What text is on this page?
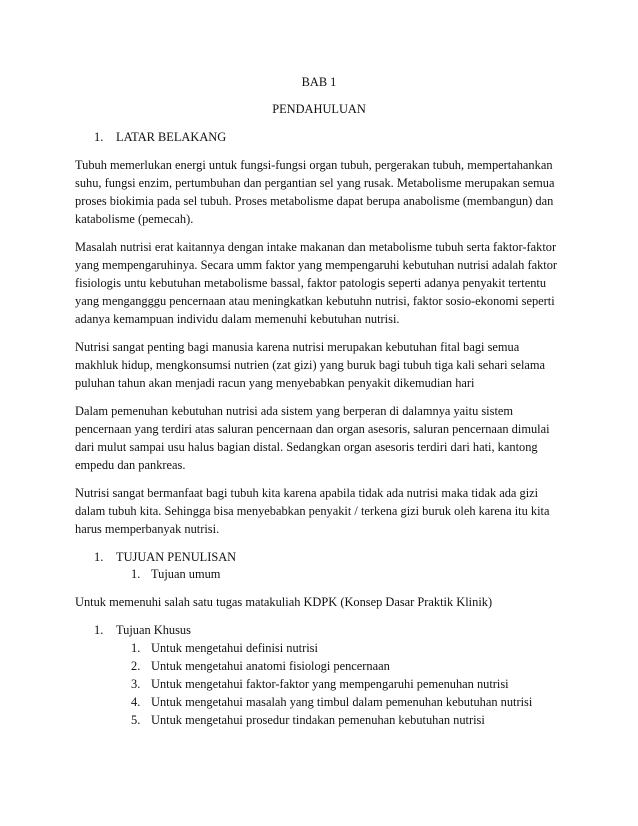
BAB 1
PENDAHULUAN
1. LATAR BELAKANG
Tubuh memerlukan energi untuk fungsi-fungsi organ tubuh, pergerakan tubuh, mempertahankan
suhu, fungsi enzim, pertumbuhan dan pergantian sel yang rusak. Metabolisme merupakan semua
proses biokimia pada sel tubuh. Proses metabolisme dapat berupa anabolisme (membangun) dan
katabolisme (pemecah).
Masalah nutrisi erat kaitannya dengan intake makanan dan metabolisme tubuh serta faktor-faktor
yang mempengaruhinya. Secara umm faktor yang mempengaruhi kebutuhan nutrisi adalah faktor
fisiologis untu kebutuhan metabolisme bassal, faktor patologis seperti adanya penyakit tertentu
yang mengangggu pencernaan atau meningkatkan kebutuhn nutrisi, faktor sosio-ekonomi seperti
adanya kemampuan individu dalam memenuhi kebutuhan nutrisi.
Nutrisi sangat penting bagi manusia karena nutrisi merupakan kebutuhan fital bagi semua
makhluk hidup, mengkonsumsi nutrien (zat gizi) yang buruk bagi tubuh tiga kali sehari selama
puluhan tahun akan menjadi racun yang menyebabkan penyakit dikemudian hari
Dalam pemenuhan kebutuhan nutrisi ada sistem yang berperan di dalamnya yaitu sistem
pencernaan yang terdiri atas saluran pencernaan dan organ asesoris, saluran pencernaan dimulai
dari mulut sampai usu halus bagian distal. Sedangkan organ asesoris terdiri dari hati, kantong
empedu dan pankreas.
Nutrisi sangat bermanfaat bagi tubuh kita karena apabila tidak ada nutrisi maka tidak ada gizi
dalam tubuh kita. Sehingga bisa menyebabkan penyakit / terkena gizi buruk oleh karena itu kita
harus memperbanyak nutrisi.
1. TUJUAN PENULISAN
1. Tujuan umum
Untuk memenuhi salah satu tugas matakuliah KDPK (Konsep Dasar Praktik Klinik)
1. Tujuan Khusus
1. Untuk mengetahui definisi nutrisi
2. Untuk mengetahui anatomi fisiologi pencernaan
3. Untuk mengetahui faktor-faktor yang mempengaruhi pemenuhan nutrisi
4. Untuk mengetahui masalah yang timbul dalam pemenuhan kebutuhan nutrisi
5. Untuk mengetahui prosedur tindakan pemenuhan kebutuhan nutrisi
